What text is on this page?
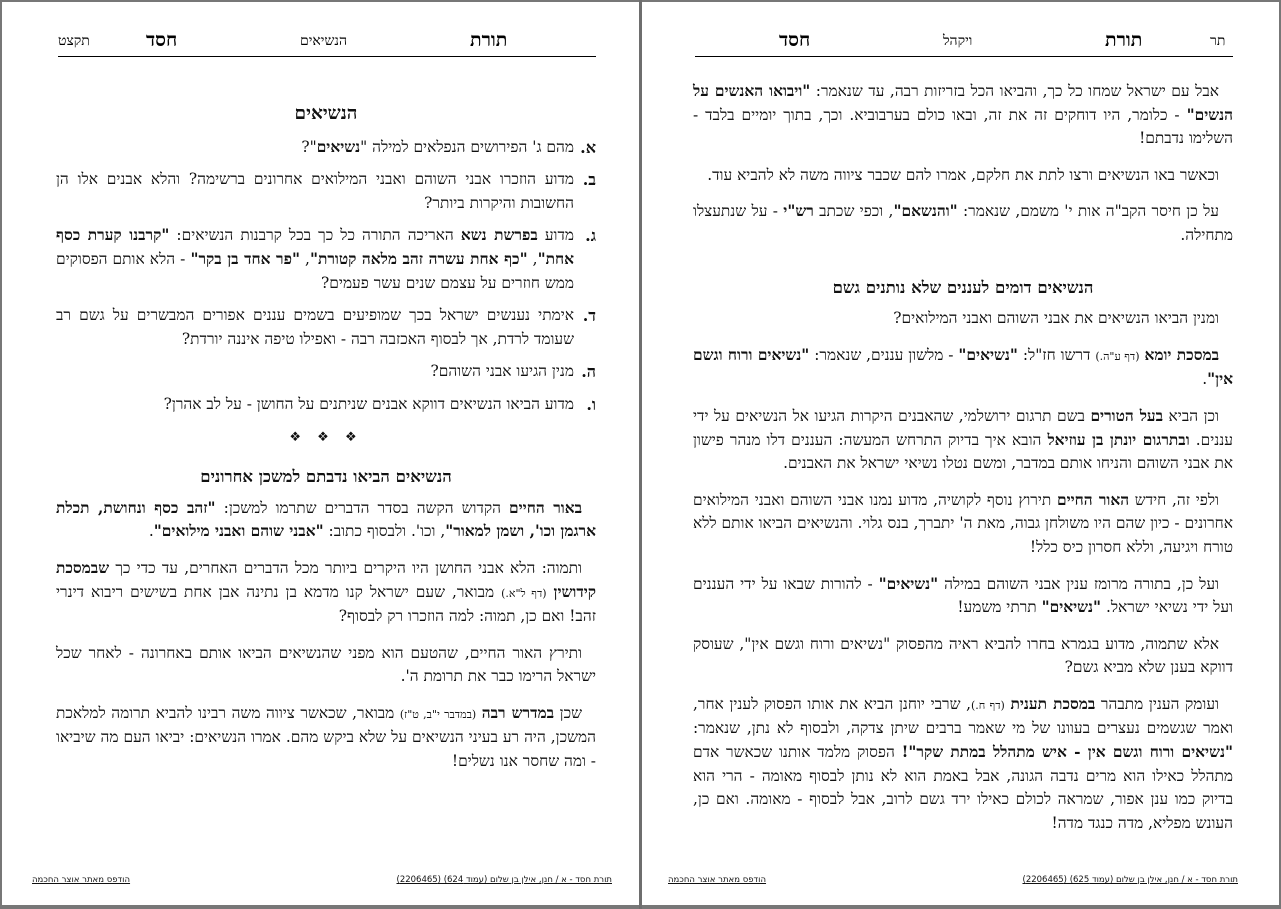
תקצט	חסד	הנשיאים	תורת
הנשיאים
א.
מהם ג' הפירושים הנפלאים למילה "נשיאים"?
ב.
מדוע הוזכרו אבני השוהם ואבני המילואים אחרונים ברשימה? והלא אבנים אלו הן החשובות והיקרות ביותר?
ג.
מדוע בפרשת נשא האריכה התורה כל כך בכל קרבנות הנשיאים: "קרבנו קערת כסף אחת", "כף אחת עשרה זהב מלאה קטורת", "פר אחד בן בקר" - הלא אותם הפסוקים ממש חוזרים על עצמם שנים עשר פעמים?
ד.
אימתי נענשים ישראל בכך שמופיעים בשמים עננים אפורים המבשרים על גשם רב שעומד לרדת, אך לבסוף האכזבה רבה - ואפילו טיפה איננה יורדת?
ה.
מנין הגיעו אבני השוהם?
ו.
מדוע הביאו הנשיאים דווקא אבנים שניתנים על החושן - על לב אהרן?
❖ ❖ ❖
הנשיאים הביאו נדבתם למשכן אחרונים

באור החיים הקדוש הקשה בסדר הדברים שתרמו למשכן: "זהב כסף ונחושת, תכלת ארגמן וכו', ושמן למאור", וכו'. ולבסוף כתוב: "אבני שוהם ואבני מילואים".

ותמוה: הלא אבני החושן היו היקרים ביותר מכל הדברים האחרים, עד כדי כך שבמסכת קידושין (דף ל"א.) מבואר, שעם ישראל קנו מדמא בן נתינה אבן אחת בשישים ריבוא דינרי זהב! ואם כן, תמוה: למה הוזכרו רק לבסוף?

ותירץ האור החיים, שהטעם הוא מפני שהנשיאים הביאו אותם באחרונה - לאחר שכל ישראל הרימו כבר את תרומת ה'.

שכן במדרש רבה (במדבר י"ב, ט"ז) מבואר, שכאשר ציווה משה רבינו להביא תרומה למלאכת המשכן, היה רע בעיני הנשיאים על שלא ביקש מהם. אמרו הנשיאים: יביאו העם מה שיביאו - ומה שחסר אנו נשלים!

תורת חסד - א / חנן, אילן בן שלום (עמוד 624) (2206465)
הודפס מאתר אוצר החכמה
חסד	ויקהל	תורת	תר

אבל עם ישראל שמחו כל כך, והביאו הכל בזריזות רבה, עד שנאמר: "ויבואו האנשים על הנשים" - כלומר, היו דוחקים זה את זה, ובאו כולם בערבוביא. וכך, בתוך יומיים בלבד - השלימו נדבתם!

וכאשר באו הנשיאים ורצו לתת את חלקם, אמרו להם שכבר ציווה משה לא להביא עוד.

על כן חיסר הקב"ה אות י' משמם, שנאמר: "והנשאם", וכפי שכתב רש"י - על שנתעצלו מתחילה.

הנשיאים דומים לעננים שלא נותנים גשם

ומנין הביאו הנשיאים את אבני השוהם ואבני המילואים?

במסכת יומא (דף ע"ה.) דרשו חז"ל: "נשיאים" - מלשון עננים, שנאמר: "נשיאים ורוח וגשם אין".

וכן הביא בעל הטורים בשם תרגום ירושלמי, שהאבנים היקרות הגיעו אל הנשיאים על ידי עננים. ובתרגום יונתן בן עוזיאל הובא איך בדיוק התרחש המעשה: העננים דלו מנהר פישון את אבני השוהם והניחו אותם במדבר, ומשם נטלו נשיאי ישראל את האבנים.

ולפי זה, חידש האור החיים תירוץ נוסף לקושיה, מדוע נמנו אבני השוהם ואבני המילואים אחרונים - כיון שהם היו משולחן גבוה, מאת ה' יתברך, בנס גלוי. והנשיאים הביאו אותם ללא טורח ויגיעה, וללא חסרון כיס כלל!

ועל כן, בתורה מרומז ענין אבני השוהם במילה "נשיאים" - להורות שבאו על ידי העננים ועל ידי נשיאי ישראל. "נשיאים" תרתי משמע!

אלא שתמוה, מדוע בגמרא בחרו להביא ראיה מהפסוק "נשיאים ורוח וגשם אין", שעוסק דווקא בענן שלא מביא גשם?

ועומק הענין מתבהר במסכת תענית (דף ח.), שרבי יוחנן הביא את אותו הפסוק לענין אחר, ואמר שגשמים נעצרים בעוונו של מי שאמר ברבים שיתן צדקה, ולבסוף לא נתן, שנאמר: "נשיאים ורוח וגשם אין - איש מתהלל במתת שקר"! הפסוק מלמד אותנו שכאשר אדם מתהלל כאילו הוא מרים נדבה הגונה, אבל באמת הוא לא נותן לבסוף מאומה - הרי הוא בדיוק כמו ענן אפור, שמראה לכולם כאילו ירד גשם לרוב, אבל לבסוף - מאומה. ואם כן, העונש מפליא, מדה כנגד מדה!

תורת חסד - א / חנן, אילן בן שלום (עמוד 625) (2206465)
הודפס מאתר אוצר החכמה
